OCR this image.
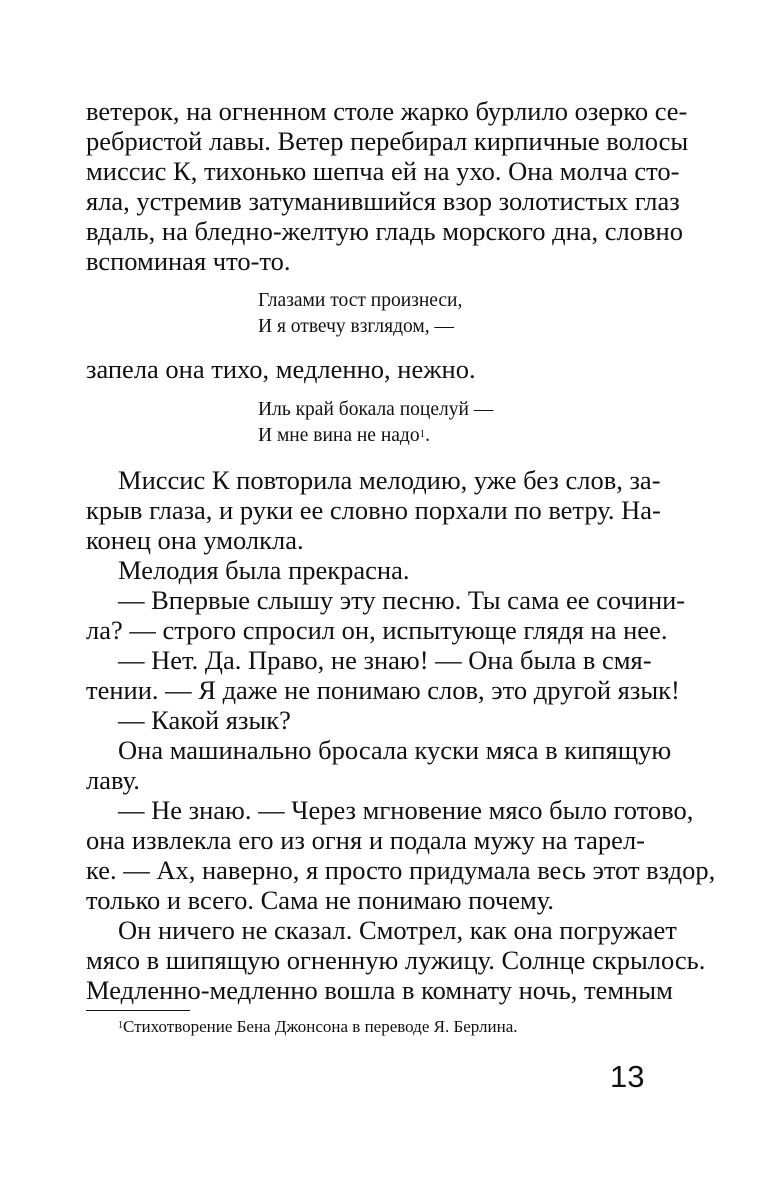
ветерок, на огненном столе жарко бурлило озерко се-
ребристой лавы. Ветер перебирал кирпичные волосы
миссис К, тихонько шепча ей на ухо. Она молча сто-
яла, устремив затуманившийся взор золотистых глаз
вдаль, на бледно-желтую гладь морского дна, словно
вспоминая что-то.
запела она тихо, медленно, нежно.
Миссис К повторила мелодию, уже без слов, за-
крыв глаза, и руки ее словно порхали по ветру. На-
конец она умолкла.
Мелодия была прекрасна.
— Впервые слышу эту песню. Ты сама ее сочини-
ла? — строго спросил он, испытующе глядя на нее.
— Нет. Да. Право, не знаю! — Она была в смя-
тении. — Я даже не понимаю слов, это другой язык!
— Какой язык?
Она машинально бросала куски мяса в кипящую
лаву.
— Не знаю. — Через мгновение мясо было готово,
она извлекла его из огня и подала мужу на тарел-
ке. — Ах, наверно, я просто придумала весь этот вздор,
только и всего. Сама не понимаю почему.
Он ничего не сказал. Смотрел, как она погружает
мясо в шипящую огненную лужицу. Солнце скрылось.
Медленно-медленно вошла в комнату ночь, темным
Глазами тост произнеси,
И я отвечу взглядом, —
Иль край бокала поцелуй —
И мне вина не надо$^1$.
$^1$Стихотворение Бена Джонсона в переводе Я. Берлина.
13
